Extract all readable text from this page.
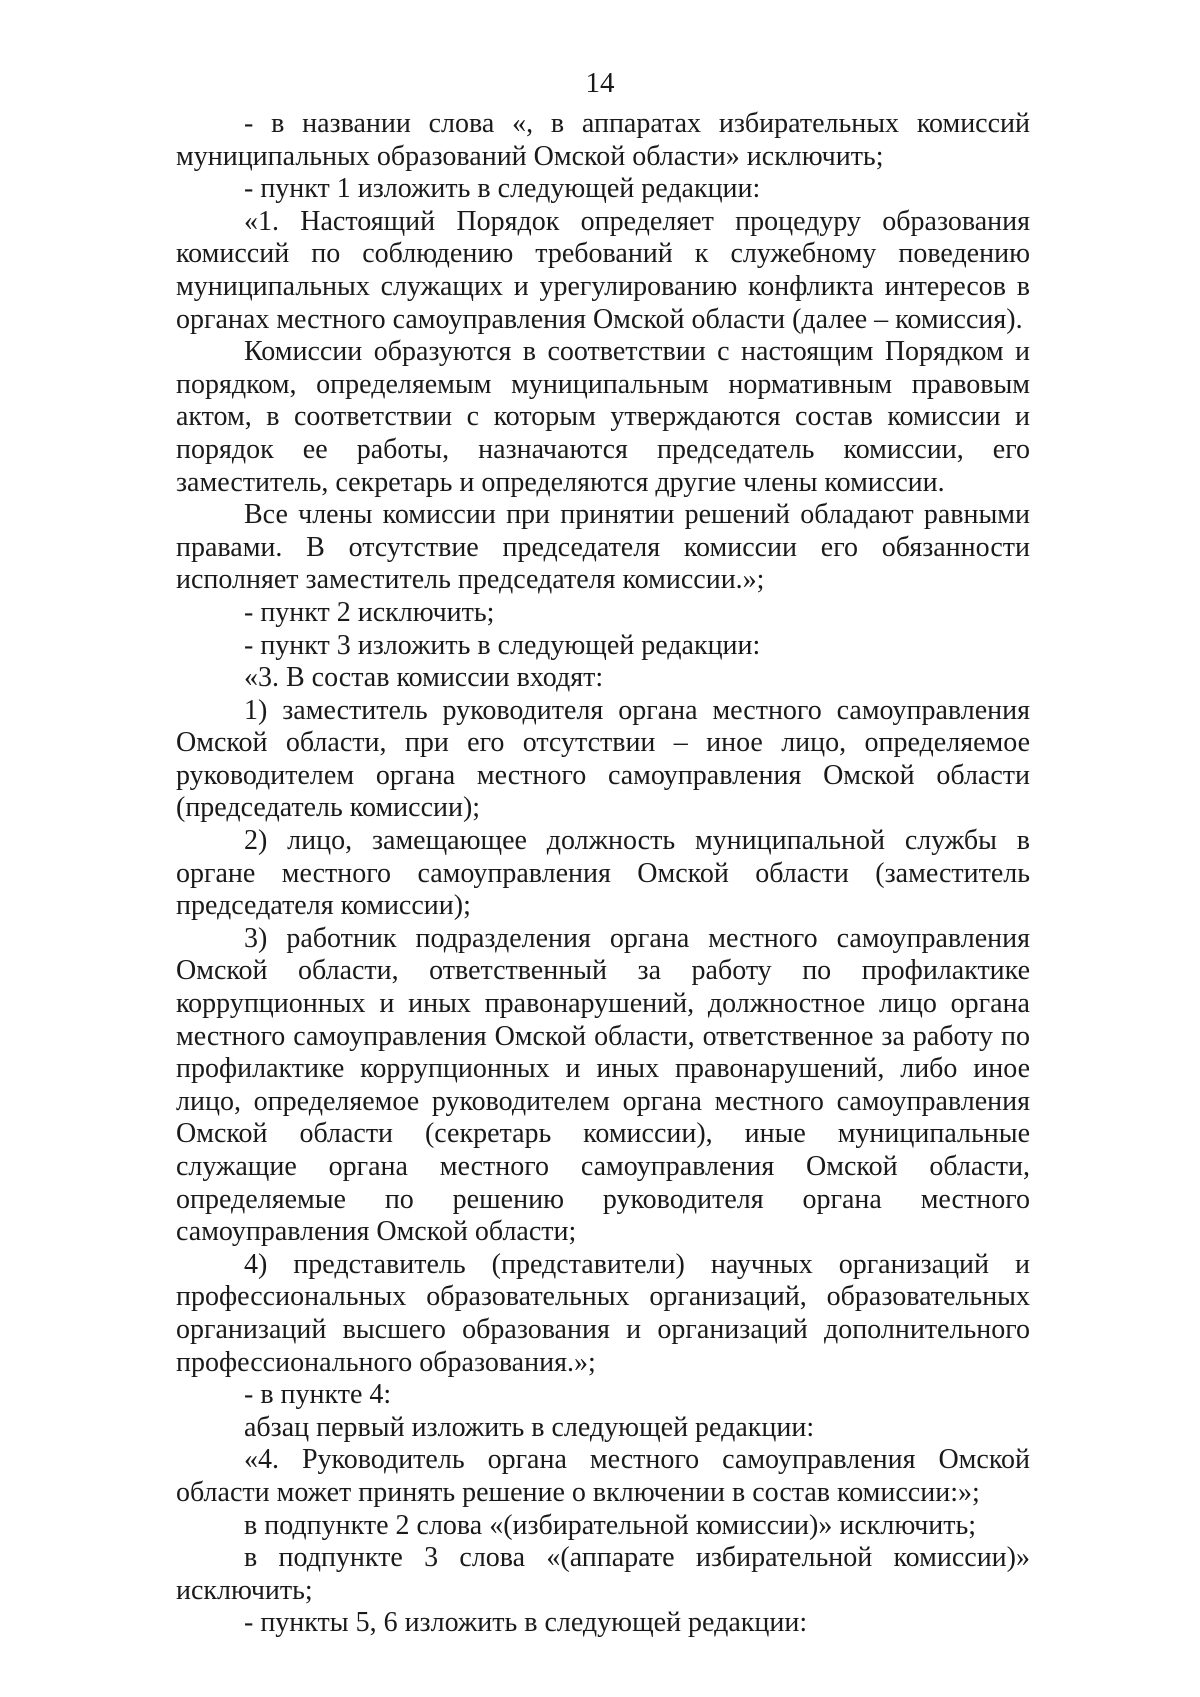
14

- в названии слова «, в аппаратах избирательных комиссий муниципальных образований Омской области» исключить;

- пункт 1 изложить в следующей редакции:

«1. Настоящий Порядок определяет процедуру образования комиссий по соблюдению требований к служебному поведению муниципальных служащих и урегулированию конфликта интересов в органах местного самоуправления Омской области (далее – комиссия).

Комиссии образуются в соответствии с настоящим Порядком и порядком, определяемым муниципальным нормативным правовым актом, в соответствии с которым утверждаются состав комиссии и порядок ее работы, назначаются председатель комиссии, его заместитель, секретарь и определяются другие члены комиссии.

Все члены комиссии при принятии решений обладают равными правами. В отсутствие председателя комиссии его обязанности исполняет заместитель председателя комиссии.»;

- пункт 2 исключить;

- пункт 3 изложить в следующей редакции:

«3. В состав комиссии входят:

1) заместитель руководителя органа местного самоуправления Омской области, при его отсутствии – иное лицо, определяемое руководителем органа местного самоуправления Омской области (председатель комиссии);

2) лицо, замещающее должность муниципальной службы в органе местного самоуправления Омской области (заместитель председателя комиссии);

3) работник подразделения органа местного самоуправления Омской области, ответственный за работу по профилактике коррупционных и иных правонарушений, должностное лицо органа местного самоуправления Омской области, ответственное за работу по профилактике коррупционных и иных правонарушений, либо иное лицо, определяемое руководителем органа местного самоуправления Омской области (секретарь комиссии), иные муниципальные служащие органа местного самоуправления Омской области, определяемые по решению руководителя органа местного самоуправления Омской области;

4) представитель (представители) научных организаций и профессиональных образовательных организаций, образовательных организаций высшего образования и организаций дополнительного профессионального образования.»;

- в пункте 4:

абзац первый изложить в следующей редакции:

«4. Руководитель органа местного самоуправления Омской области может принять решение о включении в состав комиссии:»;

в подпункте 2 слова «(избирательной комиссии)» исключить;

в подпункте 3 слова «(аппарате избирательной комиссии)» исключить;

- пункты 5, 6 изложить в следующей редакции:
